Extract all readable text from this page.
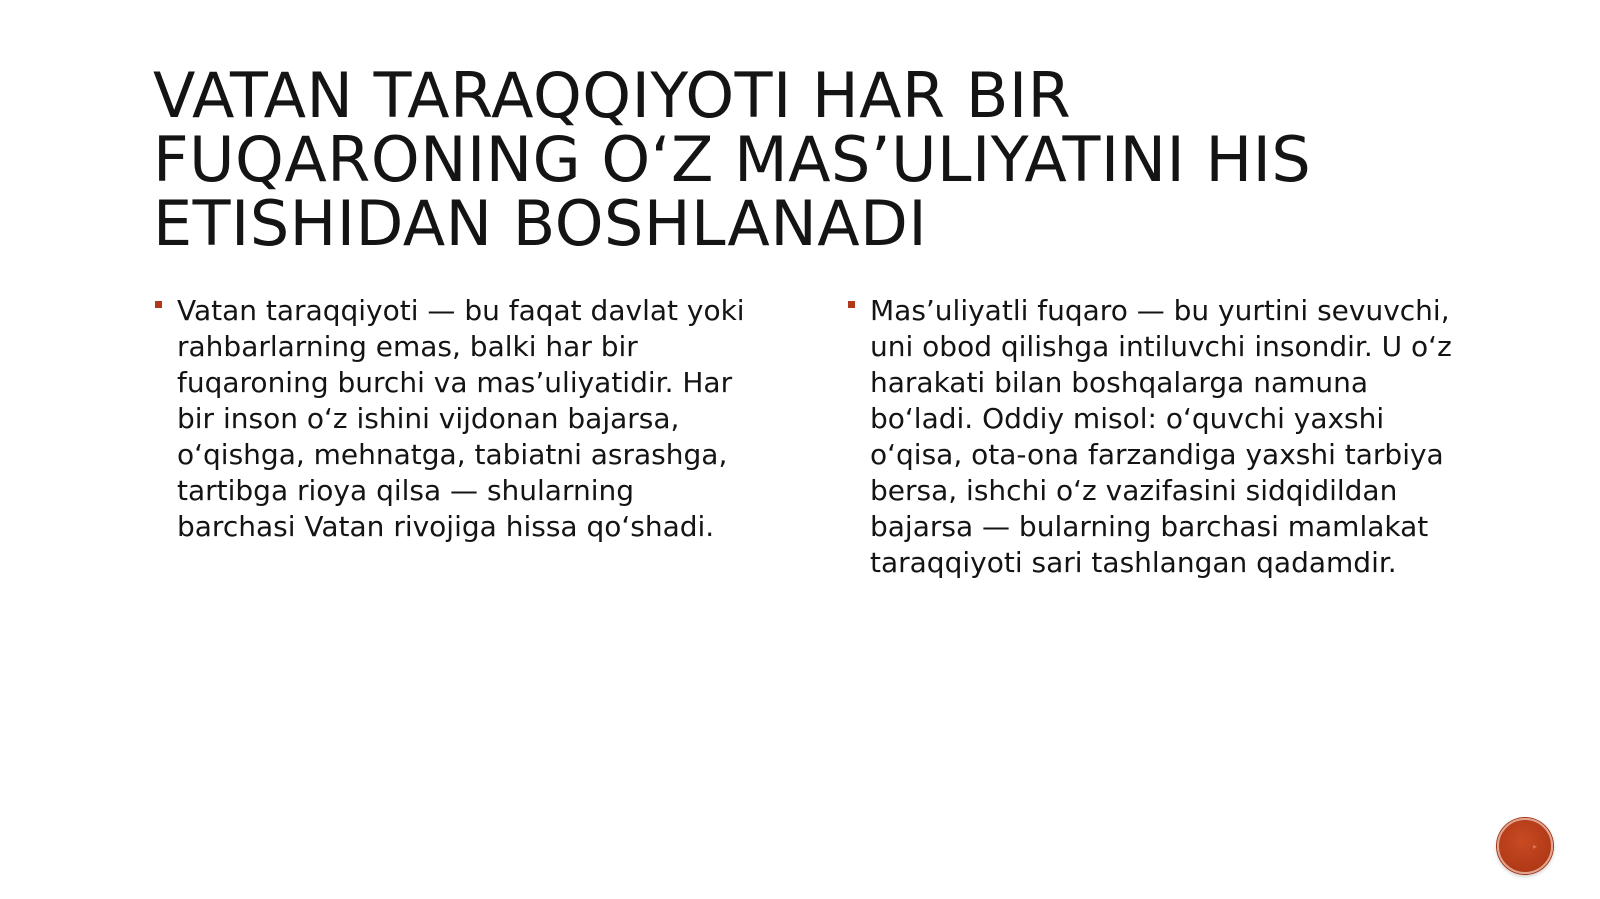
VATAN TARAQQIYOTI HAR BIR FUQARONING O‘Z MAS’ULIYATINI HIS ETISHIDAN BOSHLANADI
Vatan taraqqiyoti — bu faqat davlat yoki rahbarlarning emas, balki har bir fuqaroning burchi va mas’uliyatidir. Har bir inson o‘z ishini vijdonan bajarsa, o‘qishga, mehnatga, tabiatni asrashga, tartibga rioya qilsa — shularning barchasi Vatan rivojiga hissa qo‘shadi.
Mas’uliyatli fuqaro — bu yurtini sevuvchi, uni obod qilishga intiluvchi insondir. U o‘z harakati bilan boshqalarga namuna bo‘ladi. Oddiy misol: o‘quvchi yaxshi o‘qisa, ota-ona farzandiga yaxshi tarbiya bersa, ishchi o‘z vazifasini sidqidildan bajarsa — bularning barchasi mamlakat taraqqiyoti sari tashlangan qadamdir.
▸
